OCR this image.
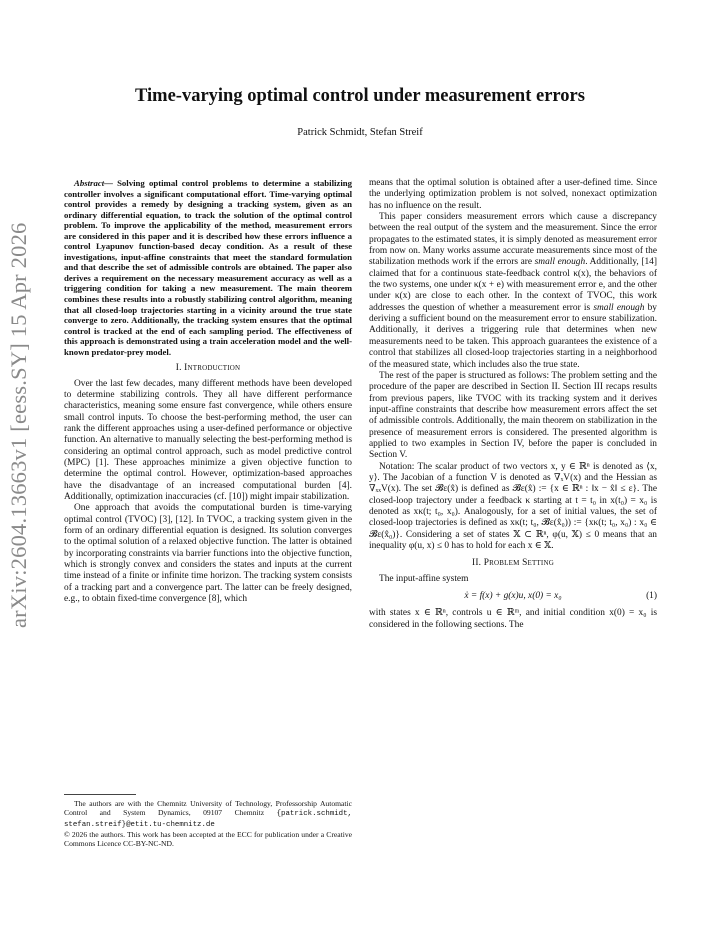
arXiv:2604.13663v1 [eess.SY] 15 Apr 2026
Time-varying optimal control under measurement errors
Patrick Schmidt, Stefan Streif

Abstract— Solving optimal control problems to determine a stabilizing controller involves a significant computational effort. Time-varying optimal control provides a remedy by designing a tracking system, given as an ordinary differential equation, to track the solution of the optimal control problem. To improve the applicability of the method, measurement errors are considered in this paper and it is described how these errors influence a control Lyapunov function-based decay condition. As a result of these investigations, input-affine constraints that meet the standard formulation and that describe the set of admissible controls are obtained. The paper also derives a requirement on the necessary measurement accuracy as well as a triggering condition for taking a new measurement. The main theorem combines these results into a robustly stabilizing control algorithm, meaning that all closed-loop trajectories starting in a vicinity around the true state converge to zero. Additionally, the tracking system ensures that the optimal control is tracked at the end of each sampling period. The effectiveness of this approach is demonstrated using a train acceleration model and the well-known predator-prey model.

I. Introduction

Over the last few decades, many different methods have been developed to determine stabilizing controls. They all have different performance characteristics, meaning some ensure fast convergence, while others ensure small control inputs. To choose the best-performing method, the user can rank the different approaches using a user-defined performance or objective function. An alternative to manually selecting the best-performing method is considering an optimal control approach, such as model predictive control (MPC) [1]. These approaches minimize a given objective function to determine the optimal control. However, optimization-based approaches have the disadvantage of an increased computational burden [4]. Additionally, optimization inaccuracies (cf. [10]) might impair stabilization.

One approach that avoids the computational burden is time-varying optimal control (TVOC) [3], [12]. In TVOC, a tracking system given in the form of an ordinary differential equation is designed. Its solution converges to the optimal solution of a relaxed objective function. The latter is obtained by incorporating constraints via barrier functions into the objective function, which is strongly convex and considers the states and inputs at the current time instead of a finite or infinite time horizon. The tracking system consists of a tracking part and a convergence part. The latter can be freely designed, e.g., to obtain fixed-time convergence [8], which

The authors are with the Chemnitz University of Technology, Professorship Automatic Control and System Dynamics, 09107 Chemnitz {patrick.schmidt, stefan.streif}@etit.tu-chemnitz.de

© 2026 the authors. This work has been accepted at the ECC for publication under a Creative Commons Licence CC-BY-NC-ND.

means that the optimal solution is obtained after a user-defined time. Since the underlying optimization problem is not solved, nonexact optimization has no influence on the result.

This paper considers measurement errors which cause a discrepancy between the real output of the system and the measurement. Since the error propagates to the estimated states, it is simply denoted as measurement error from now on. Many works assume accurate measurements since most of the stabilization methods work if the errors are small enough. Additionally, [14] claimed that for a continuous state-feedback control κ(x), the behaviors of the two systems, one under κ(x + e) with measurement error e, and the other under κ(x) are close to each other. In the context of TVOC, this work addresses the question of whether a measurement error is small enough by deriving a sufficient bound on the measurement error to ensure stabilization. Additionally, it derives a triggering rule that determines when new measurements need to be taken. This approach guarantees the existence of a control that stabilizes all closed-loop trajectories starting in a neighborhood of the measured state, which includes also the true state.

The rest of the paper is structured as follows: The problem setting and the procedure of the paper are described in Section II. Section III recaps results from previous papers, like TVOC with its tracking system and it derives input-affine constraints that describe how measurement errors affect the set of admissible controls. Additionally, the main theorem on stabilization in the presence of measurement errors is considered. The presented algorithm is applied to two examples in Section IV, before the paper is concluded in Section V.

Notation: The scalar product of two vectors x, y ∈ ℝⁿ is denoted as ⟨x, y⟩. The Jacobian of a function V is denoted as ∇ₓV(x) and the Hessian as ∇ₓₓV(x). The set 𝓑ε(x̂) is defined as 𝓑ε(x̂) := {x ∈ ℝⁿ : ‖x − x̂‖ ≤ ε}. The closed-loop trajectory under a feedback κ starting at t = t₀ in x(t₀) = x₀ is denoted as xκ(t; t₀, x₀). Analogously, for a set of initial values, the set of closed-loop trajectories is defined as xκ(t; t₀, 𝓑ε(x̂₀)) := {xκ(t; t₀, x₀) : x₀ ∈ 𝓑ε(x̂₀)}. Considering a set of states 𝕏 ⊂ ℝⁿ, φ(u, 𝕏) ≤ 0 means that an inequality φ(u, x) ≤ 0 has to hold for each x ∈ 𝕏.

II. Problem Setting

The input-affine system

ẋ = f(x) + g(x)u, x(0) = x₀	(1)

with states x ∈ ℝⁿ, controls u ∈ ℝᵐ, and initial condition x(0) = x₀ is considered in the following sections. The
